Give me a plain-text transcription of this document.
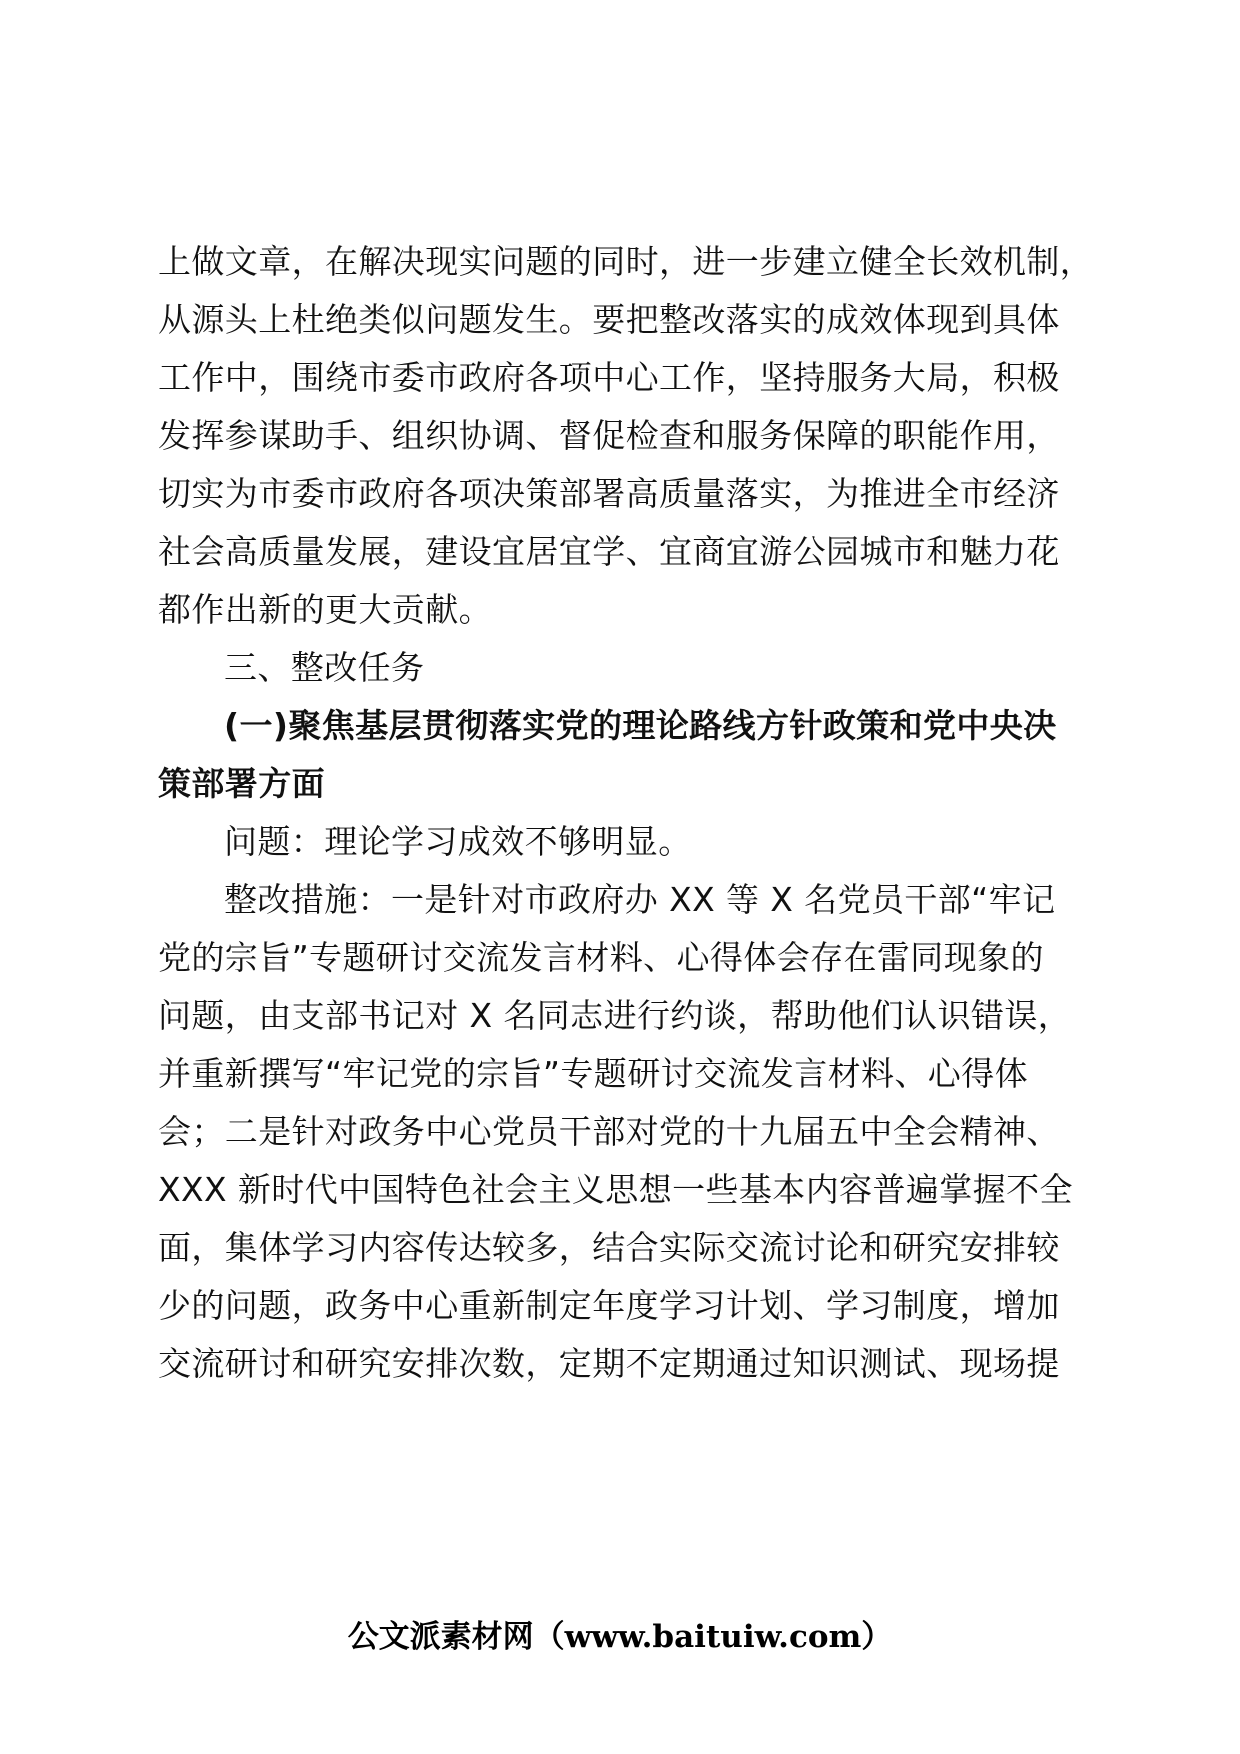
上做文章，在解决现实问题的同时，进一步建立健全长效机制，
从源头上杜绝类似问题发生。要把整改落实的成效体现到具体
工作中，围绕市委市政府各项中心工作，坚持服务大局，积极
发挥参谋助手、组织协调、督促检查和服务保障的职能作用，
切实为市委市政府各项决策部署高质量落实，为推进全市经济
社会高质量发展，建设宜居宜学、宜商宜游公园城市和魅力花
都作出新的更大贡献。
三、整改任务
(一)聚焦基层贯彻落实党的理论路线方针政策和党中央决
策部署方面
问题：理论学习成效不够明显。
整改措施：一是针对市政府办 XX 等 X 名党员干部“牢记
党的宗旨”专题研讨交流发言材料、心得体会存在雷同现象的
问题，由支部书记对 X 名同志进行约谈，帮助他们认识错误，
并重新撰写“牢记党的宗旨”专题研讨交流发言材料、心得体
会；二是针对政务中心党员干部对党的十九届五中全会精神、
XXX 新时代中国特色社会主义思想一些基本内容普遍掌握不全
面，集体学习内容传达较多，结合实际交流讨论和研究安排较
少的问题，政务中心重新制定年度学习计划、学习制度，增加
交流研讨和研究安排次数，定期不定期通过知识测试、现场提
公文派素材网（www.baituiw.com）
